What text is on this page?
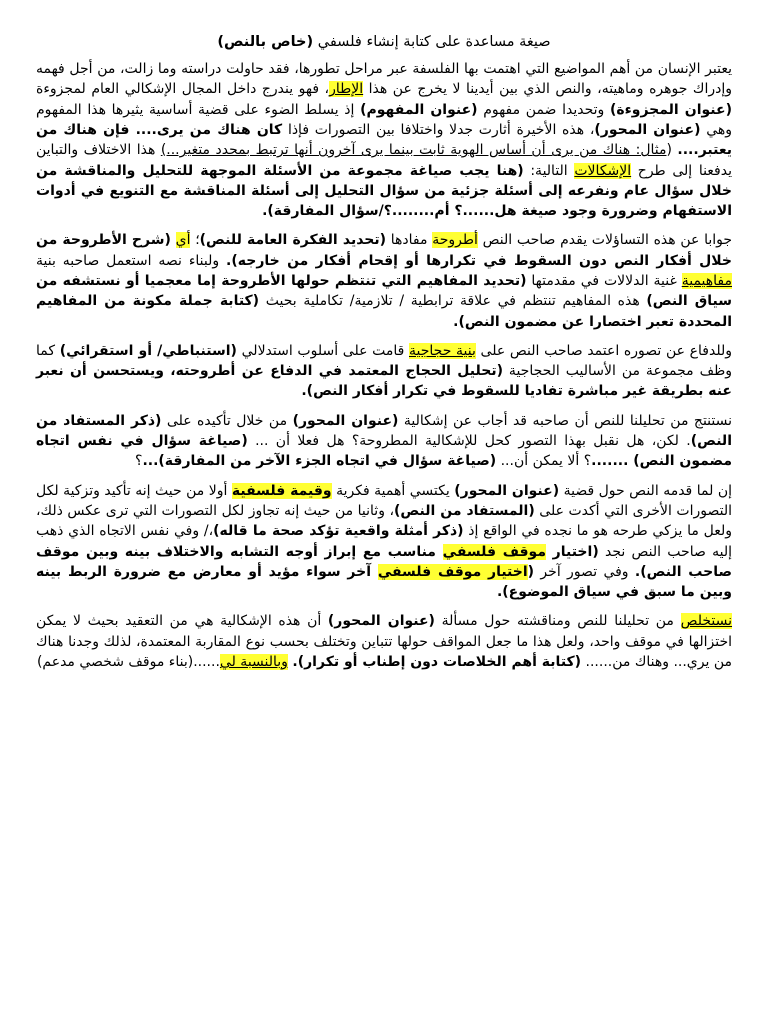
صيغة مساعدة على كتابة إنشاء فلسفي (خاص بالنص)

يعتبر الإنسان من أهم المواضيع التي اهتمت بها الفلسفة عبر مراحل تطورها، فقد حاولت دراسته وما زالت، من أجل فهمه وإدراك جوهره وماهيته، والنص الذي بين أيدينا لا يخرج عن هذا الإطار، فهو يندرج داخل المجال الإشكالي العام لمجزوءة (عنوان المجزوءة) وتحديدا ضمن مفهوم (عنوان المفهوم) إذ يسلط الضوء على قضية أساسية يثيرها هذا المفهوم وهي (عنوان المحور)، هذه الأخيرة أثارت جدلا واختلافا بين التصورات فإذا كان هناك من يرى.... فإن هناك من يعتبر.... (مثال: هناك من يرى أن أساس الهوية ثابت بينما يرى آخرون أنها ترتبط بمحدد متغير...) هذا الاختلاف والتباين يدفعنا إلى طرح الإشكالات التالية: (هنا يجب صياغة مجموعة من الأسئلة الموجهة للتحليل والمناقشة من خلال سؤال عام ونفرعه إلى أسئلة جزئية من سؤال التحليل إلى أسئلة المناقشة مع التنويع في أدوات الاستفهام وضرورة وجود صيغة هل......؟ أم........؟/سؤال المفارقة).

جوابا عن هذه التساؤلات يقدم صاحب النص أطروحة مفادها (تحديد الفكرة العامة للنص)؛ أي (شرح الأطروحة من خلال أفكار النص دون السقوط في تكرارها أو إقحام أفكار من خارجه). ولبناء نصه استعمل صاحبه بنية مفاهيمية غنية الدلالات في مقدمتها (تحديد المفاهيم التي تنتظم حولها الأطروحة إما معجميا أو نستشفه من سياق النص) هذه المفاهيم تنتظم في علاقة ترابطية / تلازمية/ تكاملية بحيث (كتابة جملة مكونة من المفاهيم المحددة تعبر اختصارا عن مضمون النص).

وللدفاع عن تصوره اعتمد صاحب النص على بنية حجاجية قامت على أسلوب استدلالي (استنباطي/ أو استقرائي) كما وظف مجموعة من الأساليب الحجاجية (تحليل الحجاج المعتمد في الدفاع عن أطروحته، ويستحسن أن نعبر عنه بطريقة غير مباشرة تفاديا للسقوط في تكرار أفكار النص).

نستنتج من تحليلنا للنص أن صاحبه قد أجاب عن إشكالية (عنوان المحور) من خلال تأكيده على (ذكر المستفاد من النص). لكن، هل نقبل بهذا التصور كحل للإشكالية المطروحة؟ هل فعلا أن ... (صياغة سؤال في نفس اتجاه مضمون النص) .......؟ ألا يمكن أن... (صياغة سؤال في اتجاه الجزء الآخر من المفارقة)...؟

إن لما قدمه النص حول قضية (عنوان المحور) يكتسي أهمية فكرية وقيمة فلسفية أولا من حيث إنه تأكيد وتزكية لكل التصورات الأخرى التي أكدت على (المستفاد من النص)، وثانيا من حيث إنه تجاوز لكل التصورات التي ترى عكس ذلك، ولعل ما يزكي طرحه هو ما نجده في الواقع إذ (ذكر أمثلة واقعية تؤكد صحة ما قاله)،/ وفي نفس الاتجاه الذي ذهب إليه صاحب النص نجد (اختيار موقف فلسفي مناسب مع إبراز أوجه التشابه والاختلاف بينه وبين موقف صاحب النص). وفي تصور آخر (اختيار موقف فلسفي آخر سواء مؤيد أو معارض مع ضرورة الربط بينه وبين ما سبق في سياق الموضوع).

نستخلص من تحليلنا للنص ومناقشته حول مسألة (عنوان المحور) أن هذه الإشكالية هي من التعقيد بحيث لا يمكن اختزالها في موقف واحد، ولعل هذا ما جعل المواقف حولها تتباين وتختلف بحسب نوع المقاربة المعتمدة، لذلك وجدنا هناك من يري... وهناك من...... (كتابة أهم الخلاصات دون إطناب أو تكرار). وبالنسبة لي......(بناء موقف شخصي مدعم)
